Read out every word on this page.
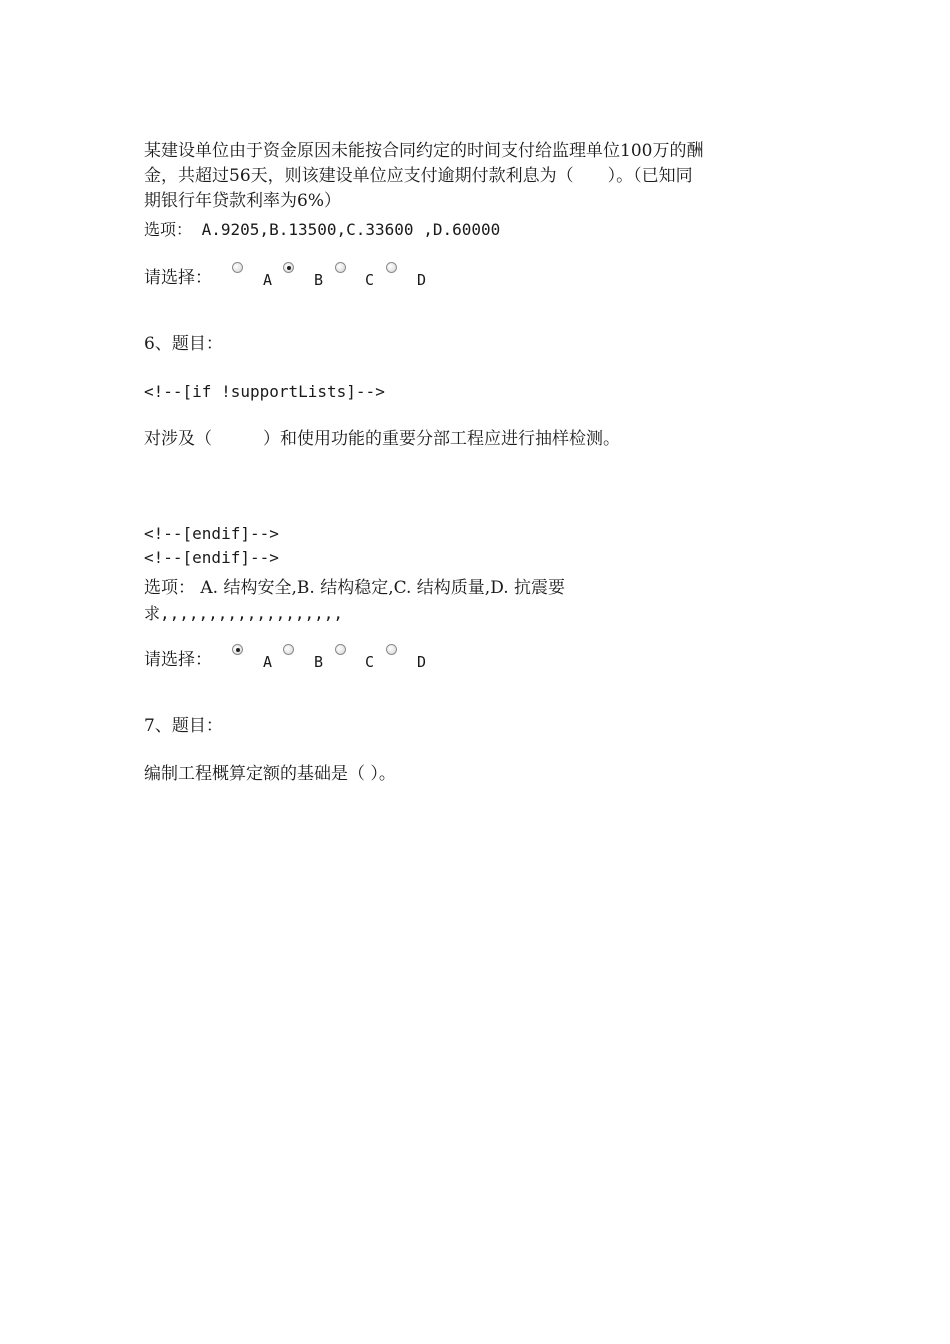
某建设单位由于资金原因未能按合同约定的时间支付给监理单位100万的酬
金，共超过56天，则该建设单位应支付逾期付款利息为（　　）。（已知同
期银行年贷款利率为6%）
选项： A.9205,B.13500,C.33600 ,D.60000
请选择：	A	B	C	D
6、题目：
<!--[if !supportLists]-->
对涉及（　　　）和使用功能的重要分部工程应进行抽样检测。
<!--[endif]-->
<!--[endif]-->
选项： A. 结构安全,B. 结构稳定,C. 结构质量,D. 抗震要
求,,,,,,,,,,,,,,,,,,,
请选择：	A	B	C	D
7、题目：
编制工程概算定额的基础是（ ）。
